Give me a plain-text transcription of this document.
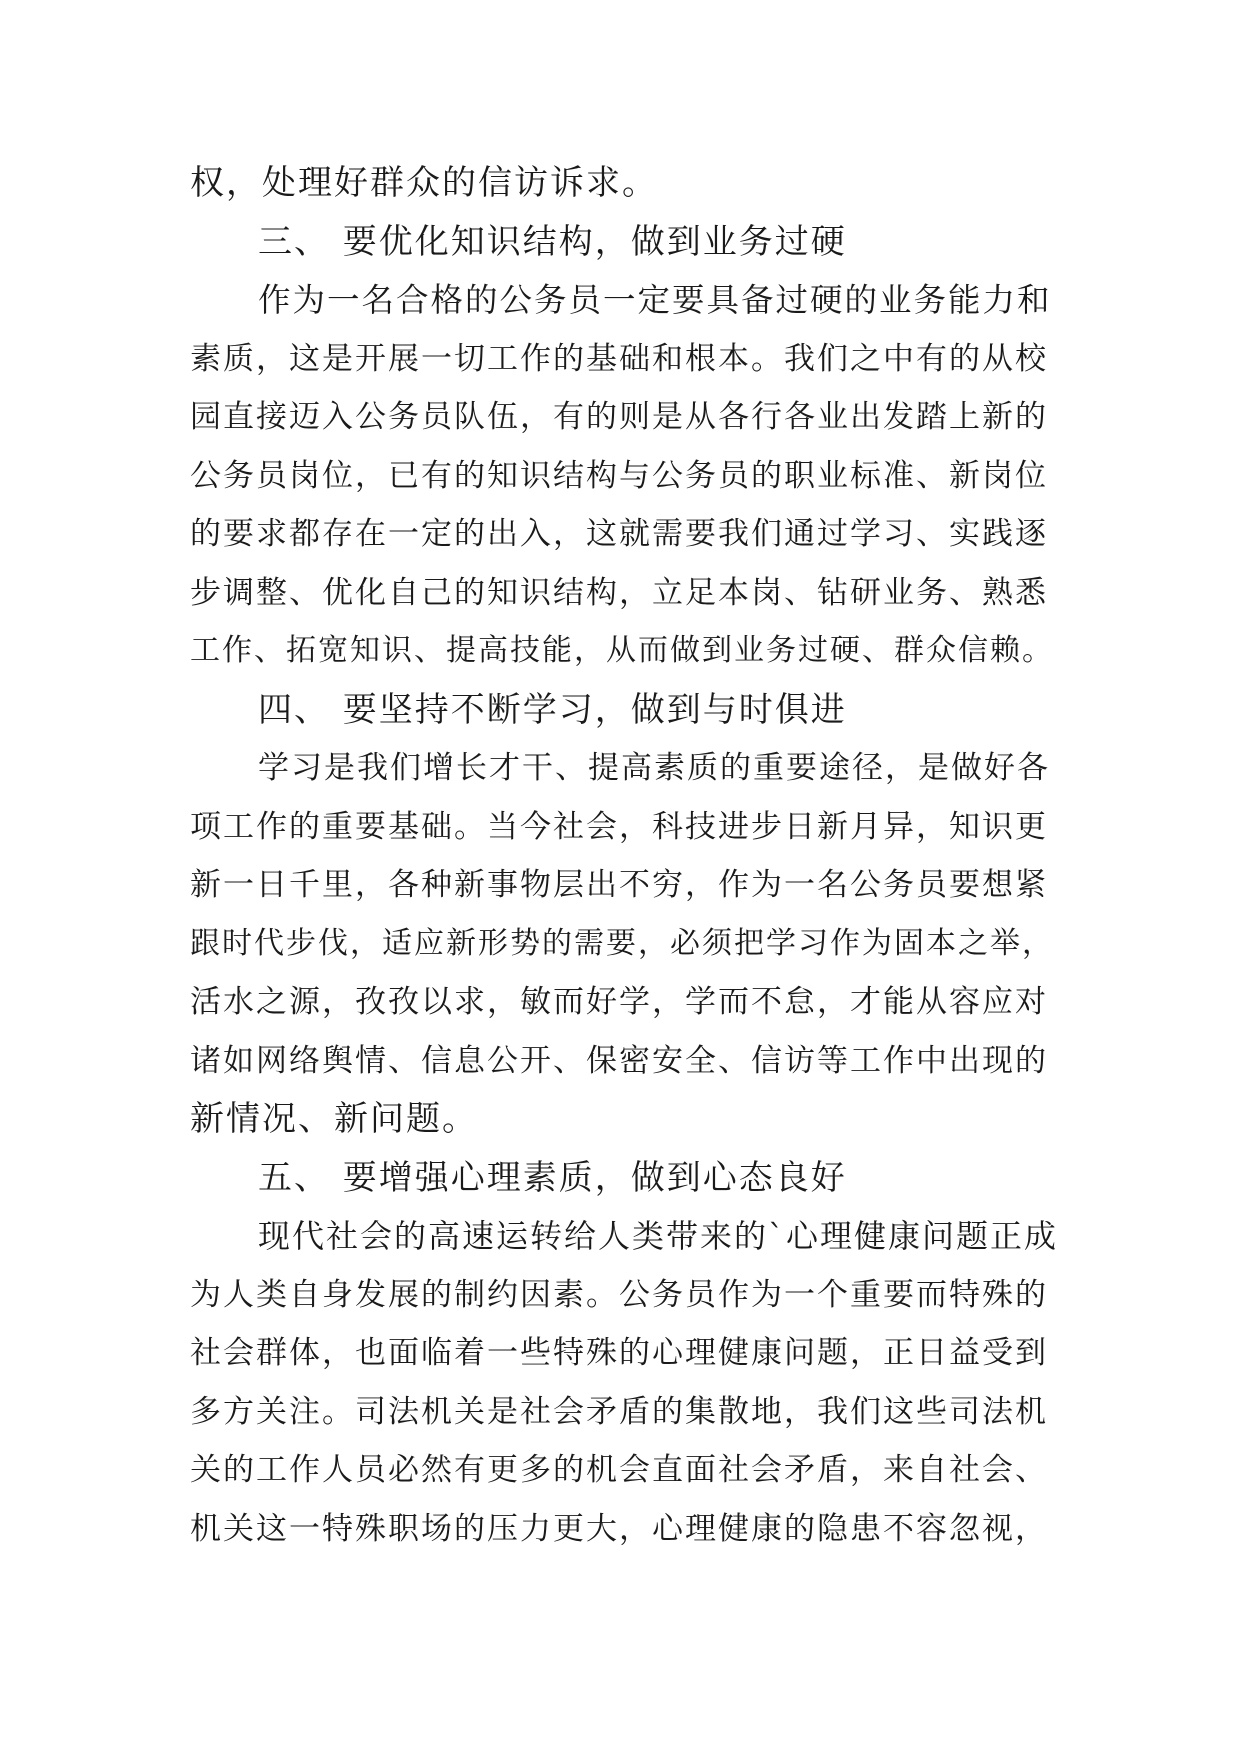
权，处理好群众的信访诉求。
三、 要优化知识结构，做到业务过硬
作为一名合格的公务员一定要具备过硬的业务能力和
素质，这是开展一切工作的基础和根本。我们之中有的从校
园直接迈入公务员队伍，有的则是从各行各业出发踏上新的
公务员岗位，已有的知识结构与公务员的职业标准、新岗位
的要求都存在一定的出入，这就需要我们通过学习、实践逐
步调整、优化自己的知识结构，立足本岗、钻研业务、熟悉
工作、拓宽知识、提高技能，从而做到业务过硬、群众信赖。
四、 要坚持不断学习，做到与时俱进
学习是我们增长才干、提高素质的重要途径，是做好各
项工作的重要基础。当今社会，科技进步日新月异，知识更
新一日千里，各种新事物层出不穷，作为一名公务员要想紧
跟时代步伐，适应新形势的需要，必须把学习作为固本之举，
活水之源，孜孜以求，敏而好学，学而不怠，才能从容应对
诸如网络舆情、信息公开、保密安全、信访等工作中出现的
新情况、新问题。
五、 要增强心理素质，做到心态良好
现代社会的高速运转给人类带来的`心理健康问题正成
为人类自身发展的制约因素。公务员作为一个重要而特殊的
社会群体，也面临着一些特殊的心理健康问题，正日益受到
多方关注。司法机关是社会矛盾的集散地，我们这些司法机
关的工作人员必然有更多的机会直面社会矛盾，来自社会、
机关这一特殊职场的压力更大，心理健康的隐患不容忽视，
